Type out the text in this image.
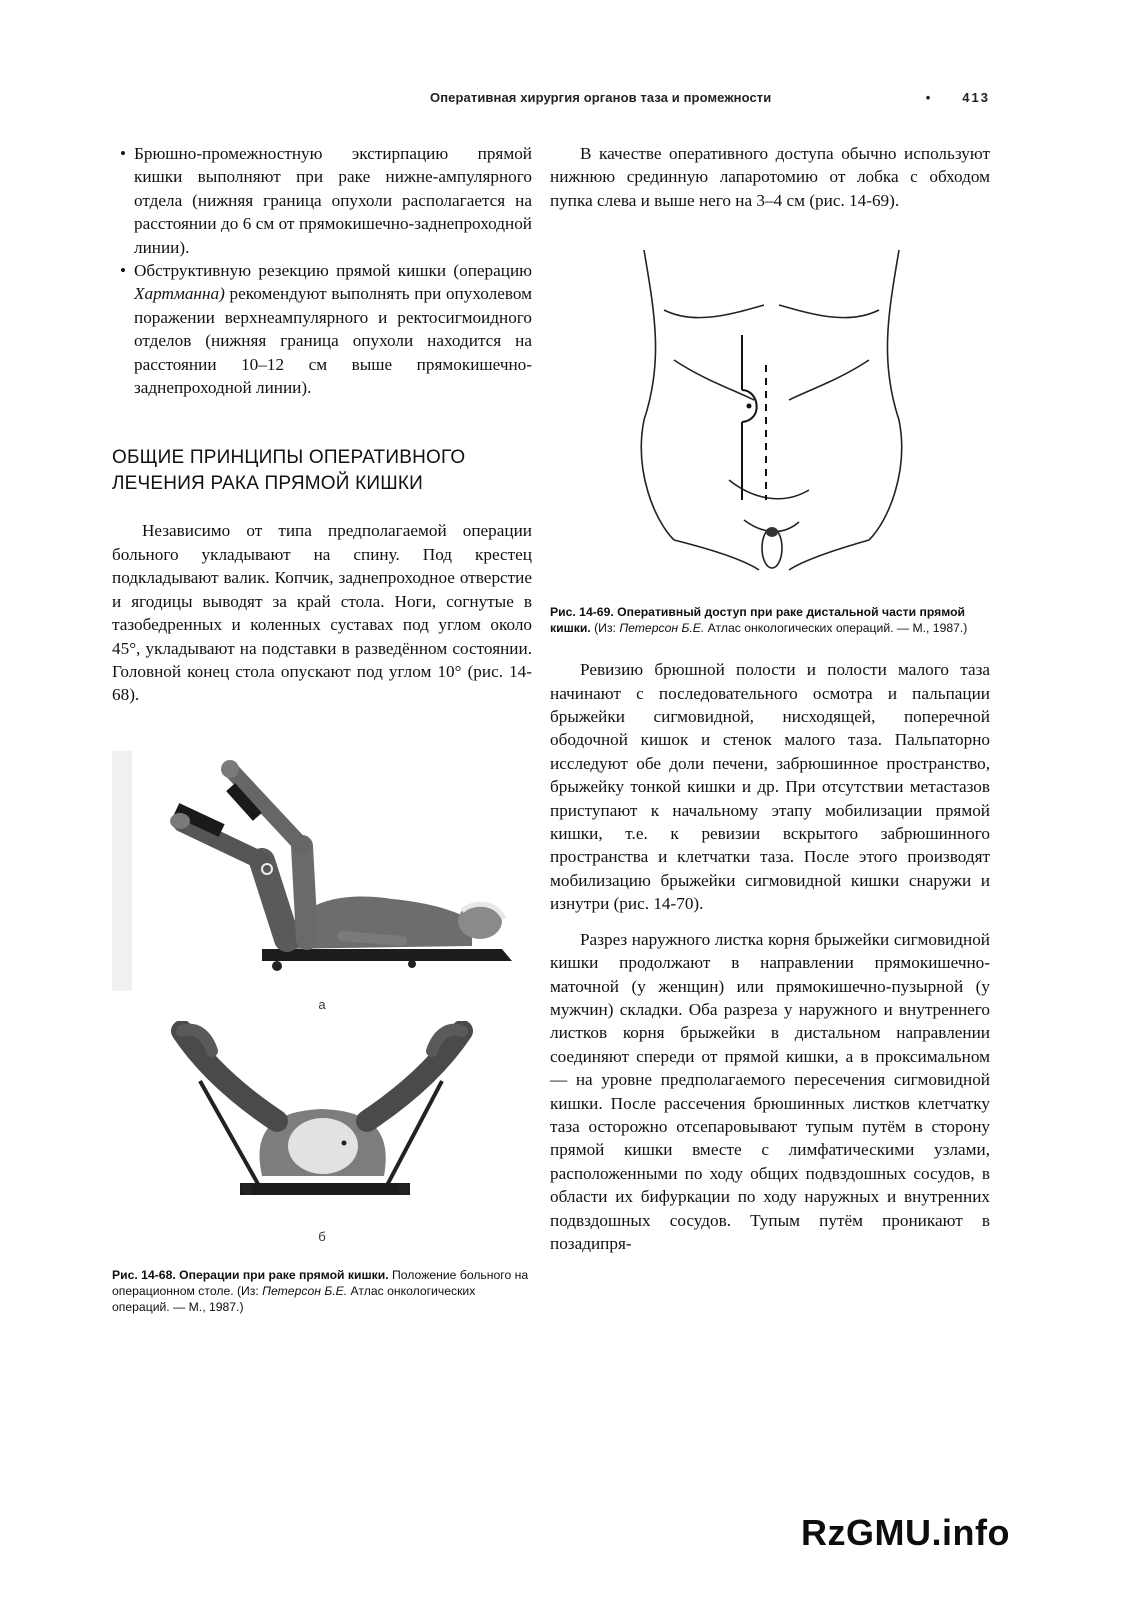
Оперативная хирургия органов таза и промежности	• 413
• Брюшно-промежностную экстирпацию прямой кишки выполняют при раке нижне-ампулярного отдела (нижняя граница опухоли располагается на расстоянии до 6 см от прямокишечно-заднепроходной линии).
• Обструктивную резекцию прямой кишки (операцию Хартманна) рекомендуют выполнять при опухолевом поражении верхнеампулярного и ректосигмоидного отделов (нижняя граница опухоли находится на расстоянии 10–12 см выше прямокишечно-заднепроходной линии).
ОБЩИЕ ПРИНЦИПЫ ОПЕРАТИВНОГО
ЛЕЧЕНИЯ РАКА ПРЯМОЙ КИШКИ

Независимо от типа предполагаемой операции больного укладывают на спину. Под крестец подкладывают валик. Копчик, заднепроходное отверстие и ягодицы выводят за край стола. Ноги, согнутые в тазобедренных и коленных суставах под углом около 45°, укладывают на подставки в разведённом состоянии. Головной конец стола опускают под углом 10° (рис. 14-68).

а
б
Рис. 14-68. Операции при раке прямой кишки. Положение больного на операционном столе. (Из: Петерсон Б.Е. Атлас онкологических операций. — М., 1987.)

В качестве оперативного доступа обычно используют нижнюю срединную лапаротомию от лобка с обходом пупка слева и выше него на 3–4 см (рис. 14-69).

Рис. 14-69. Оперативный доступ при раке дистальной части прямой кишки. (Из: Петерсон Б.Е. Атлас онкологических операций. — М., 1987.)

Ревизию брюшной полости и полости малого таза начинают с последовательного осмотра и пальпации брыжейки сигмовидной, нисходящей, поперечной ободочной кишок и стенок малого таза. Пальпаторно исследуют обе доли печени, забрюшинное пространство, брыжейку тонкой кишки и др. При отсутствии метастазов приступают к начальному этапу мобилизации прямой кишки, т.е. к ревизии вскрытого забрюшинного пространства и клетчатки таза. После этого производят мобилизацию брыжейки сигмовидной кишки снаружи и изнутри (рис. 14-70).

Разрез наружного листка корня брыжейки сигмовидной кишки продолжают в направлении прямокишечно-маточной (у женщин) или прямокишечно-пузырной (у мужчин) складки. Оба разреза у наружного и внутреннего листков корня брыжейки в дистальном направлении соединяют спереди от прямой кишки, а в проксимальном — на уровне предполагаемого пересечения сигмовидной кишки. После рассечения брюшинных листков клетчатку таза осторожно отсепаровывают тупым путём в сторону прямой кишки вместе с лимфатическими узлами, расположенными по ходу общих подвздошных сосудов, в области их бифуркации по ходу наружных и внутренних подвздошных сосудов. Тупым путём проникают в позадипря-

RzGMU.info
